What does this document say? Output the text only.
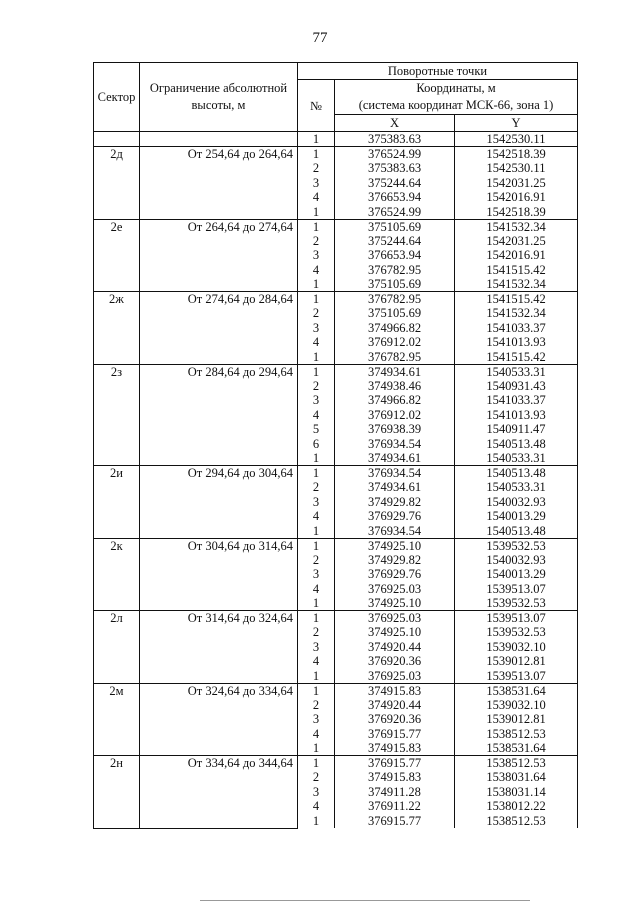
77
Сектор	Ограничение абсолютной высоты, м	Поворотные точки		
		№	Координаты, м
(система координат МСК-66, зона 1)	

			X	Y
		1	375383.63	1542530.11
2д	От 254,64 до 264,64	1	376524.99	1542518.39
		2	375383.63	1542530.11
		3	375244.64	1542031.25
		4	376653.94	1542016.91
		1	376524.99	1542518.39
2е	От 264,64 до 274,64	1	375105.69	1541532.34
		2	375244.64	1542031.25
		3	376653.94	1542016.91
		4	376782.95	1541515.42
		1	375105.69	1541532.34
2ж	От 274,64 до 284,64	1	376782.95	1541515.42
		2	375105.69	1541532.34
		3	374966.82	1541033.37
		4	376912.02	1541013.93
		1	376782.95	1541515.42
2з	От 284,64 до 294,64	1	374934.61	1540533.31
		2	374938.46	1540931.43
		3	374966.82	1541033.37
		4	376912.02	1541013.93
		5	376938.39	1540911.47
		6	376934.54	1540513.48
		1	374934.61	1540533.31
2и	От 294,64 до 304,64	1	376934.54	1540513.48
		2	374934.61	1540533.31
		3	374929.82	1540032.93
		4	376929.76	1540013.29
		1	376934.54	1540513.48
2к	От 304,64 до 314,64	1	374925.10	1539532.53
		2	374929.82	1540032.93
		3	376929.76	1540013.29
		4	376925.03	1539513.07
		1	374925.10	1539532.53
2л	От 314,64 до 324,64	1	376925.03	1539513.07
		2	374925.10	1539532.53
		3	374920.44	1539032.10
		4	376920.36	1539012.81
		1	376925.03	1539513.07
2м	От 324,64 до 334,64	1	374915.83	1538531.64
		2	374920.44	1539032.10
		3	376920.36	1539012.81
		4	376915.77	1538512.53
		1	374915.83	1538531.64
2н	От 334,64 до 344,64	1	376915.77	1538512.53
		2	374915.83	1538031.64
		3	374911.28	1538031.14
		4	376911.22	1538012.22
		1	376915.77	1538512.53
